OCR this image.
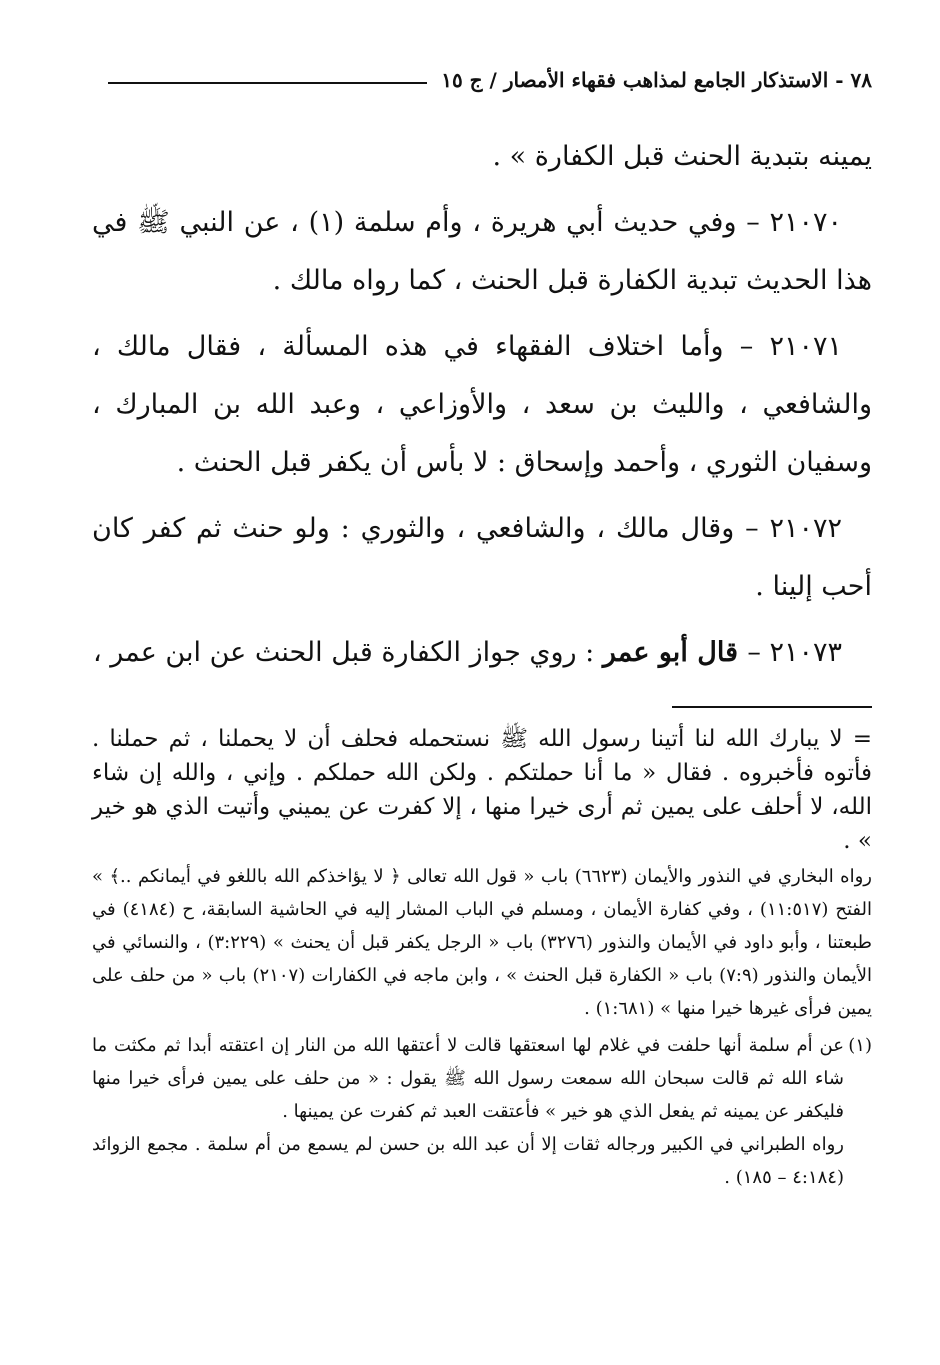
٧٨ - الاستذكار الجامع لمذاهب فقهاء الأمصار / ج ١٥

يمينه بتبدية الحنث قبل الكفارة » .

٢١٠٧٠ – وفي حديث أبي هريرة ، وأم سلمة (١) ، عن النبي ﷺ في هذا الحديث تبدية الكفارة قبل الحنث ، كما رواه مالك .

٢١٠٧١ – وأما اختلاف الفقهاء في هذه المسألة ، فقال مالك ، والشافعي ، والليث بن سعد ، والأوزاعي ، وعبد الله بن المبارك ، وسفيان الثوري ، وأحمد وإسحاق : لا بأس أن يكفر قبل الحنث .

٢١٠٧٢ – وقال مالك ، والشافعي ، والثوري : ولو حنث ثم كفر كان أحب إلينا .

٢١٠٧٣ – قال أبو عمر : روي جواز الكفارة قبل الحنث عن ابن عمر ،

= لا يبارك الله لنا أتينا رسول الله ﷺ نستحمله فحلف أن لا يحملنا ، ثم حملنا . فأتوه فأخبروه . فقال « ما أنا حملتكم . ولكن الله حملكم . وإني ، والله إن شاء الله، لا أحلف على يمين ثم أرى خيرا منها ، إلا كفرت عن يميني وأتيت الذي هو خير » .

رواه البخاري في النذور والأيمان (٦٦٢٣) باب « قول الله تعالى ﴿ لا يؤاخذكم الله باللغو في أيمانكم ..﴾ » الفتح (١١:٥١٧) ، وفي كفارة الأيمان ، ومسلم في الباب المشار إليه في الحاشية السابقة، ح (٤١٨٤) في طبعتنا ، وأبو داود في الأيمان والنذور (٣٢٧٦) باب « الرجل يكفر قبل أن يحنث » (٣:٢٢٩) ، والنسائي في الأيمان والنذور (٧:٩) باب « الكفارة قبل الحنث » ، وابن ماجه في الكفارات (٢١٠٧) باب « من حلف على يمين فرأى غيرها خيرا منها » (١:٦٨١) .

(١)عن أم سلمة أنها حلفت في غلام لها اسعتقها قالت لا أعتقها الله من النار إن اعتقته أبدا ثم مكثت ما شاء الله ثم قالت سبحان الله سمعت رسول الله ﷺ يقول : « من حلف على يمين فرأى خيرا منها فليكفر عن يمينه ثم يفعل الذي هو خير » فأعتقت العبد ثم كفرت عن يمينها .

رواه الطبراني في الكبير ورجاله ثقات إلا أن عبد الله بن حسن لم يسمع من أم سلمة . مجمع الزوائد (٤:١٨٤ – ١٨٥) .
